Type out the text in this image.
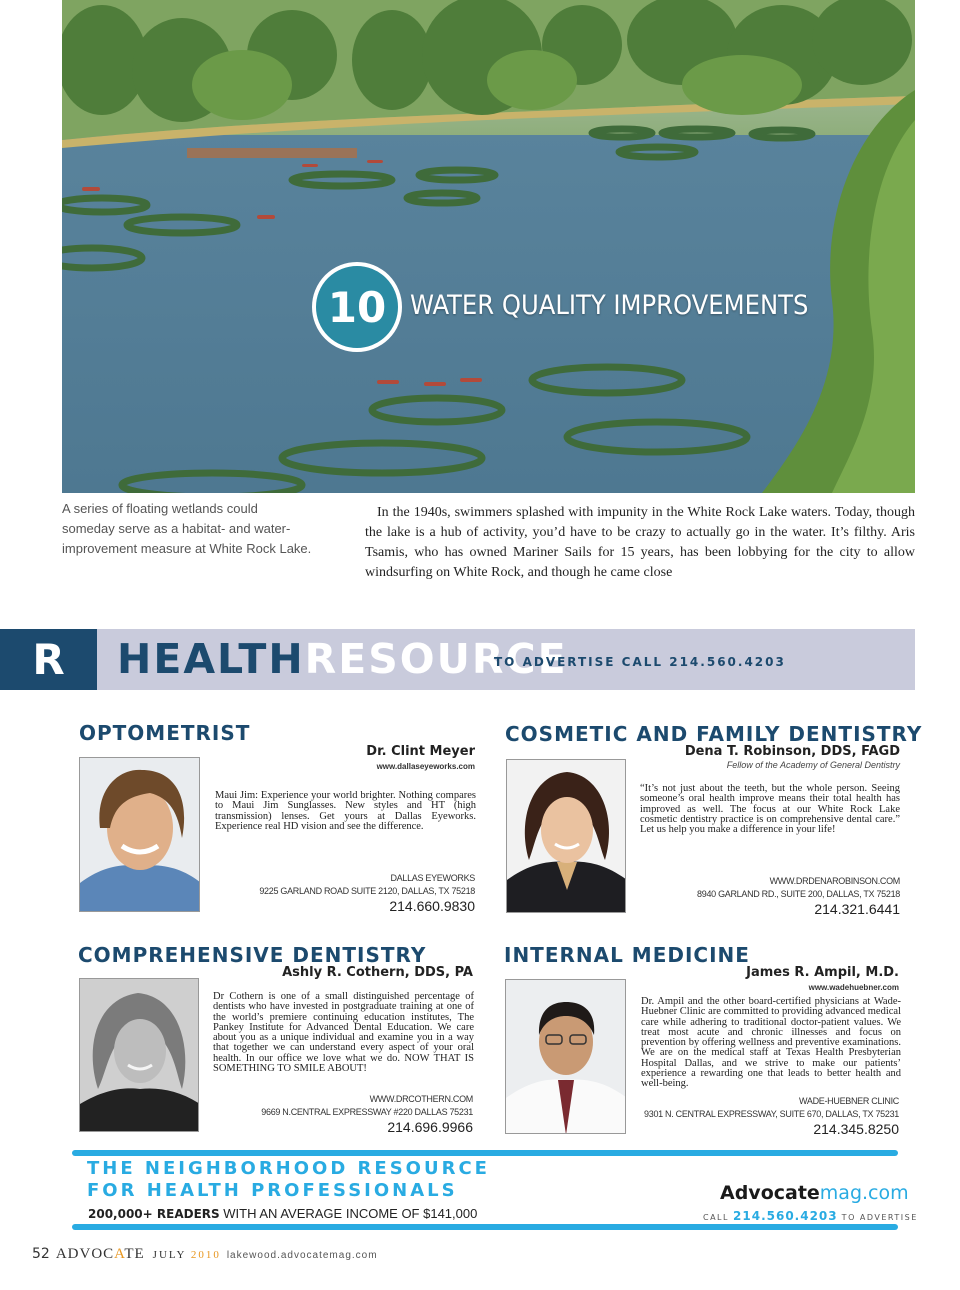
10 WATER QUALITY IMPROVEMENTS
A series of floating wetlands could someday serve as a habitat- and water-improvement measure at White Rock Lake.
In the 1940s, swimmers splashed with impunity in the White Rock Lake waters. Today, though the lake is a hub of activity, you’d have to be crazy to actually go in the water. It’s filthy. Aris Tsamis, who has owned Mariner Sails for 15 years, has been lobbying for the city to allow windsurfing on White Rock, and though he came close
R	HEALTHRESOURCE
TO ADVERTISE CALL 214.560.4203
OPTOMETRIST
Dr. Clint Meyer
www.dallaseyeworks.com
Maui Jim: Experience your world brighter. Nothing compares to Maui Jim Sunglasses. New styles and HT (high transmission) lenses. Get yours at Dallas Eyeworks. Experience real HD vision and see the difference.
DALLAS EYEWORKS
9225 GARLAND ROAD SUITE 2120, DALLAS, TX 75218
214.660.9830
COSMETIC AND FAMILY DENTISTRY
Dena T. Robinson, DDS, FAGD
Fellow of the Academy of General Dentistry
“It’s not just about the teeth, but the whole person. Seeing someone’s oral health improve means their total health has improved as well. The focus at our White Rock Lake cosmetic dentistry practice is on comprehensive dental care.” Let us help you make a difference in your life!
WWW.DRDENAROBINSON.COM
8940 GARLAND RD., SUITE 200, DALLAS, TX 75218
214.321.6441
COMPREHENSIVE DENTISTRY
Ashly R. Cothern, DDS, PA
Dr Cothern is one of a small distinguished percentage of dentists who have invested in postgraduate training at one of the world’s premiere continuing education institutes, The Pankey Institute for Advanced Dental Education. We care about you as a unique individual and examine you in a way that together we can understand every aspect of your oral health. In our office we love what we do. NOW THAT IS SOMETHING TO SMILE ABOUT!
WWW.DRCOTHERN.COM
9669 N.CENTRAL EXPRESSWAY #220 DALLAS 75231
214.696.9966
INTERNAL MEDICINE
James R. Ampil, M.D.
www.wadehuebner.com
Dr. Ampil and the other board-certified physicians at Wade-Huebner Clinic are committed to providing advanced medical care while adhering to traditional doctor-patient values. We treat most acute and chronic illnesses and focus on prevention by offering wellness and preventive examinations. We are on the medical staff at Texas Health Presbyterian Hospital Dallas, and we strive to make our patients’ experience a rewarding one that leads to better health and well-being.
WADE-HUEBNER CLINIC
9301 N. CENTRAL EXPRESSWAY, SUITE 670, DALLAS, TX 75231
214.345.8250
THE NEIGHBORHOOD RESOURCE
FOR HEALTH PROFESSIONALS
200,000+ READERS WITH AN AVERAGE INCOME OF $141,000
Advocatemag.com
CALL 214.560.4203 TO ADVERTISE
52 ADVOCATE JULY 2010 lakewood.advocatemag.com
